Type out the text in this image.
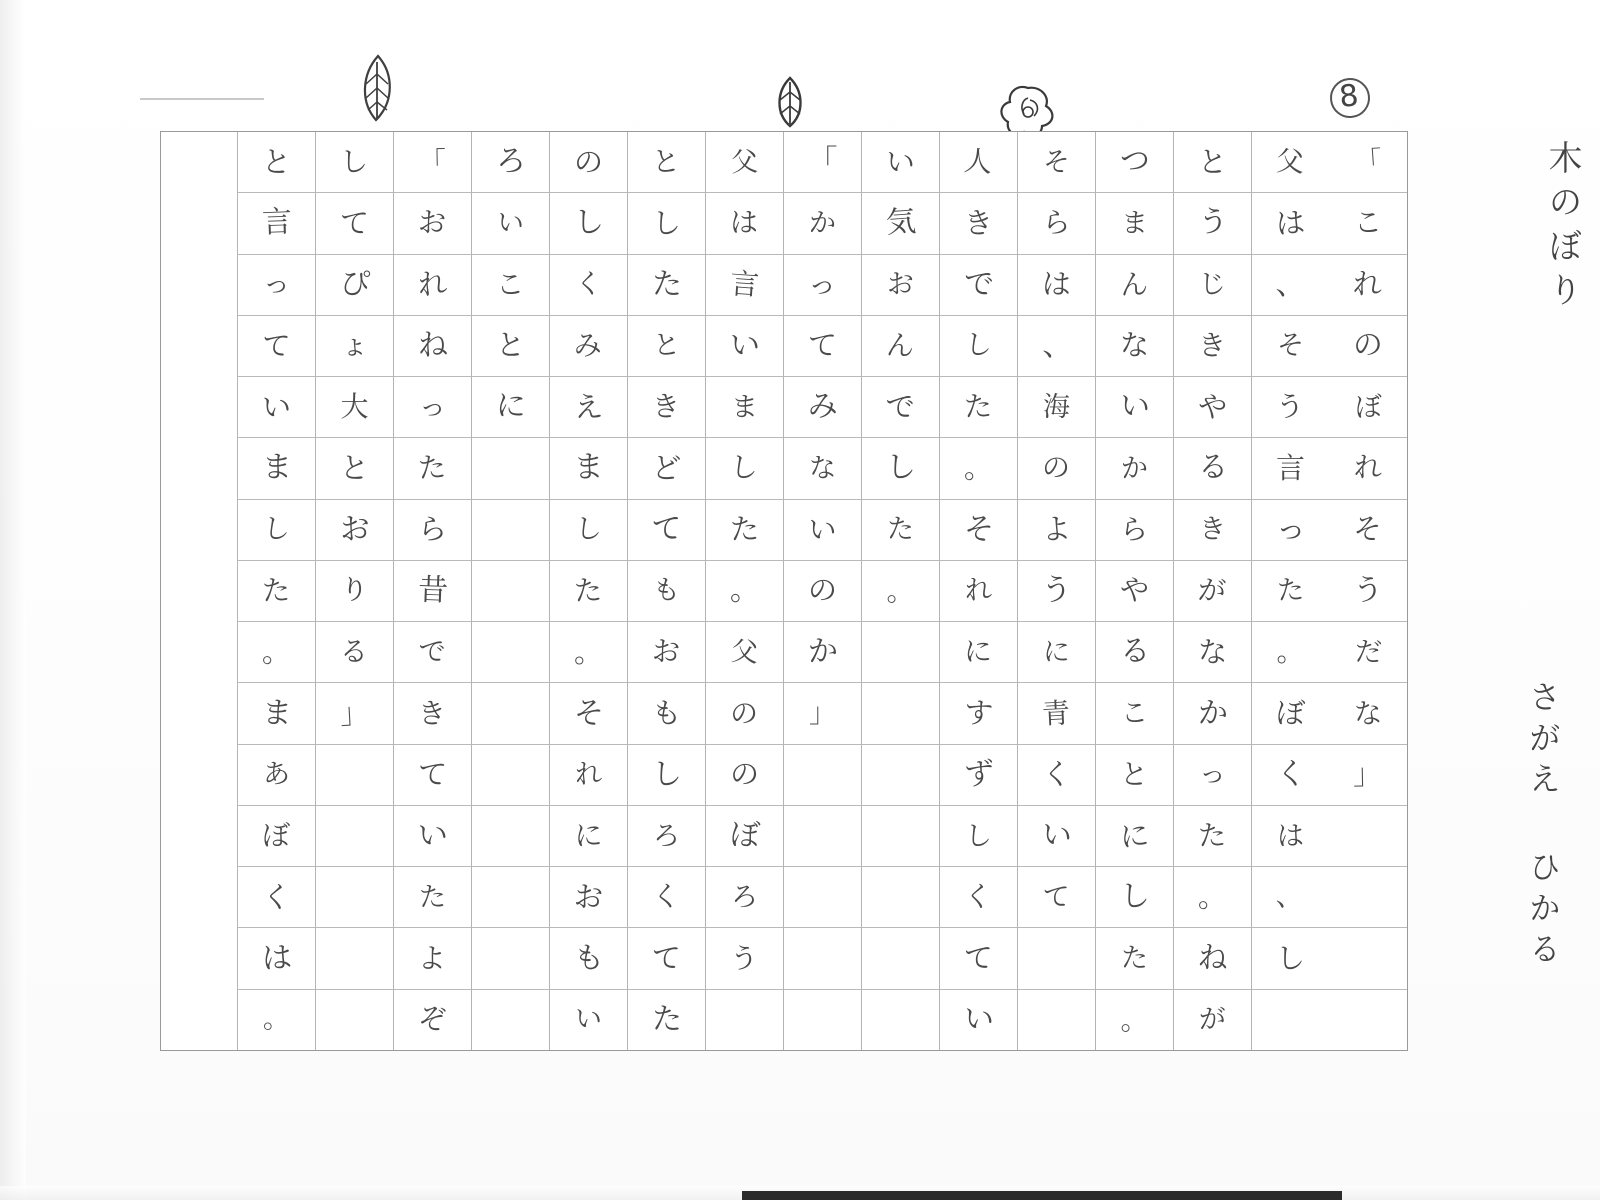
8
木のぼり
さがえ ひかる
「
こ
れ
の
ぼ
れ
そ
う
だ
な
」
父
は
、
そ
う
言
っ
た
。
ぼ
く
は
、
し
と
う
じ
き
や
る
き
が
な
か
っ
た
。
ね
が
つ
ま
ん
な
い
か
ら
や
る
こ
と
に
し
た
。
そ
ら
は
、
海
の
よ
う
に
青
く
い
て
人
き
で
し
た
。
そ
れ
に
す
ず
し
く
て
い
い
気
お
ん
で
し
た
。
「
か
っ
て
み
な
い
の
か
」
父
は
言
い
ま
し
た
。
父
の
の
ぼ
ろ
う
と
し
た
と
き
ど
て
も
お
も
し
ろ
く
て
た
の
し
く
み
え
ま
し
た
。
そ
れ
に
お
も
い
ろ
い
こ
と
に
「
お
れ
ね
っ
た
ら
昔
で
き
て
い
た
よ
ぞ
し
て
ぴ
ょ
大
と
お
り
る
」
と
言
っ
て
い
ま
し
た
。
ま
あ
ぼ
く
は
。
